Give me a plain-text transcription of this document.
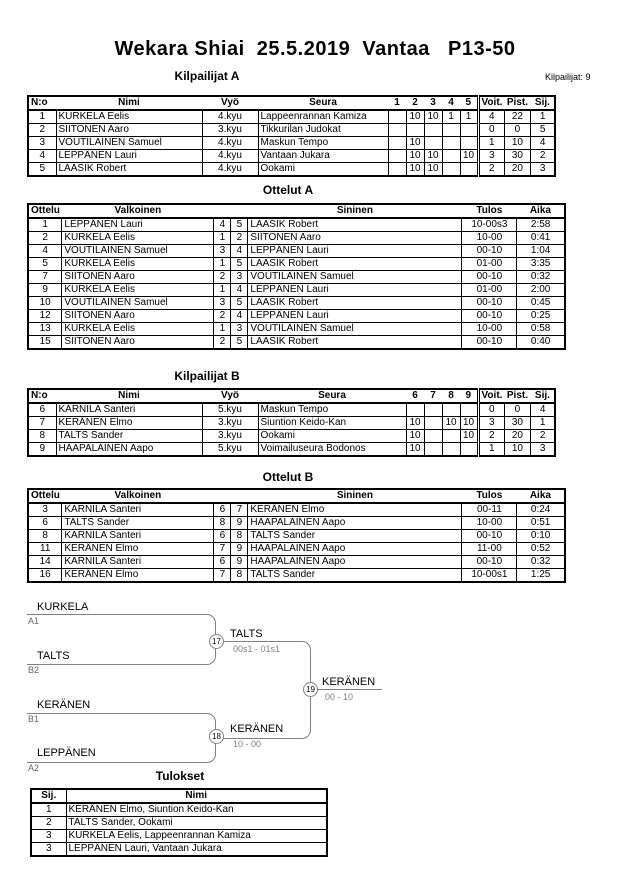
Wekara Shiai  25.5.2019  Vantaa   P13-50
Kilpailijat A	Kilpailijat: 9
N:o	Nimi	Vyö	Seura	1	2	3	4	5	Voit.	Pist.	Sij.
1	KURKELA Eelis	4.kyu	Lappeenrannan Kamiza		10	10	1	1	4	22	1
2	SIITONEN Aaro	3.kyu	Tikkurilan Judokat						0	0	5
3	VOUTILAINEN Samuel	4.kyu	Maskun Tempo		10				1	10	4
4	LEPPÄNEN Lauri	4.kyu	Vantaan Jukara		10	10		10	3	30	2
5	LAASIK Robert	4.kyu	Ookami		10	10			2	20	3
Ottelut A
Ottelu	Valkoinen			Sininen	Tulos	Aika
1	LEPPÄNEN Lauri	4	5	LAASIK Robert	10-00s3	2:58
2	KURKELA Eelis	1	2	SIITONEN Aaro	10-00	0:41
4	VOUTILAINEN Samuel	3	4	LEPPÄNEN Lauri	00-10	1:04
5	KURKELA Eelis	1	5	LAASIK Robert	01-00	3:35
7	SIITONEN Aaro	2	3	VOUTILAINEN Samuel	00-10	0:32
9	KURKELA Eelis	1	4	LEPPÄNEN Lauri	01-00	2:00
10	VOUTILAINEN Samuel	3	5	LAASIK Robert	00-10	0:45
12	SIITONEN Aaro	2	4	LEPPÄNEN Lauri	00-10	0:25
13	KURKELA Eelis	1	3	VOUTILAINEN Samuel	10-00	0:58
15	SIITONEN Aaro	2	5	LAASIK Robert	00-10	0:40
Kilpailijat B
N:o	Nimi	Vyö	Seura	6	7	8	9	Voit.	Pist.	Sij.
6	KARNILA Santeri	5.kyu	Maskun Tempo					0	0	4
7	KERÄNEN Elmo	3.kyu	Siuntion Keido-Kan	10		10	10	3	30	1
8	TALTS Sander	3.kyu	Ookami	10			10	2	20	2
9	HAAPALAINEN Aapo	5.kyu	Voimailuseura Bodonos	10				1	10	3
Ottelut B
Ottelu	Valkoinen			Sininen	Tulos	Aika
3	KARNILA Santeri	6	7	KERÄNEN Elmo	00-11	0:24
6	TALTS Sander	8	9	HAAPALAINEN Aapo	10-00	0:51
8	KARNILA Santeri	6	8	TALTS Sander	00-10	0:10
11	KERÄNEN Elmo	7	9	HAAPALAINEN Aapo	11-00	0:52
14	KARNILA Santeri	6	9	HAAPALAINEN Aapo	00-10	0:32
16	KERÄNEN Elmo	7	8	TALTS Sander	10-00s1	1:25
KURKELA
A1
TALTS
B2
KERÄNEN
B1
LEPPÄNEN
A2
17
TALTS
00s1 - 01s1
18
KERÄNEN
10 - 00
19
KERÄNEN
00 - 10
Tulokset
Sij.	Nimi
1	KERÄNEN Elmo, Siuntion Keido-Kan
2	TALTS Sander, Ookami
3	KURKELA Eelis, Lappeenrannan Kamiza
3	LEPPÄNEN Lauri, Vantaan Jukara
